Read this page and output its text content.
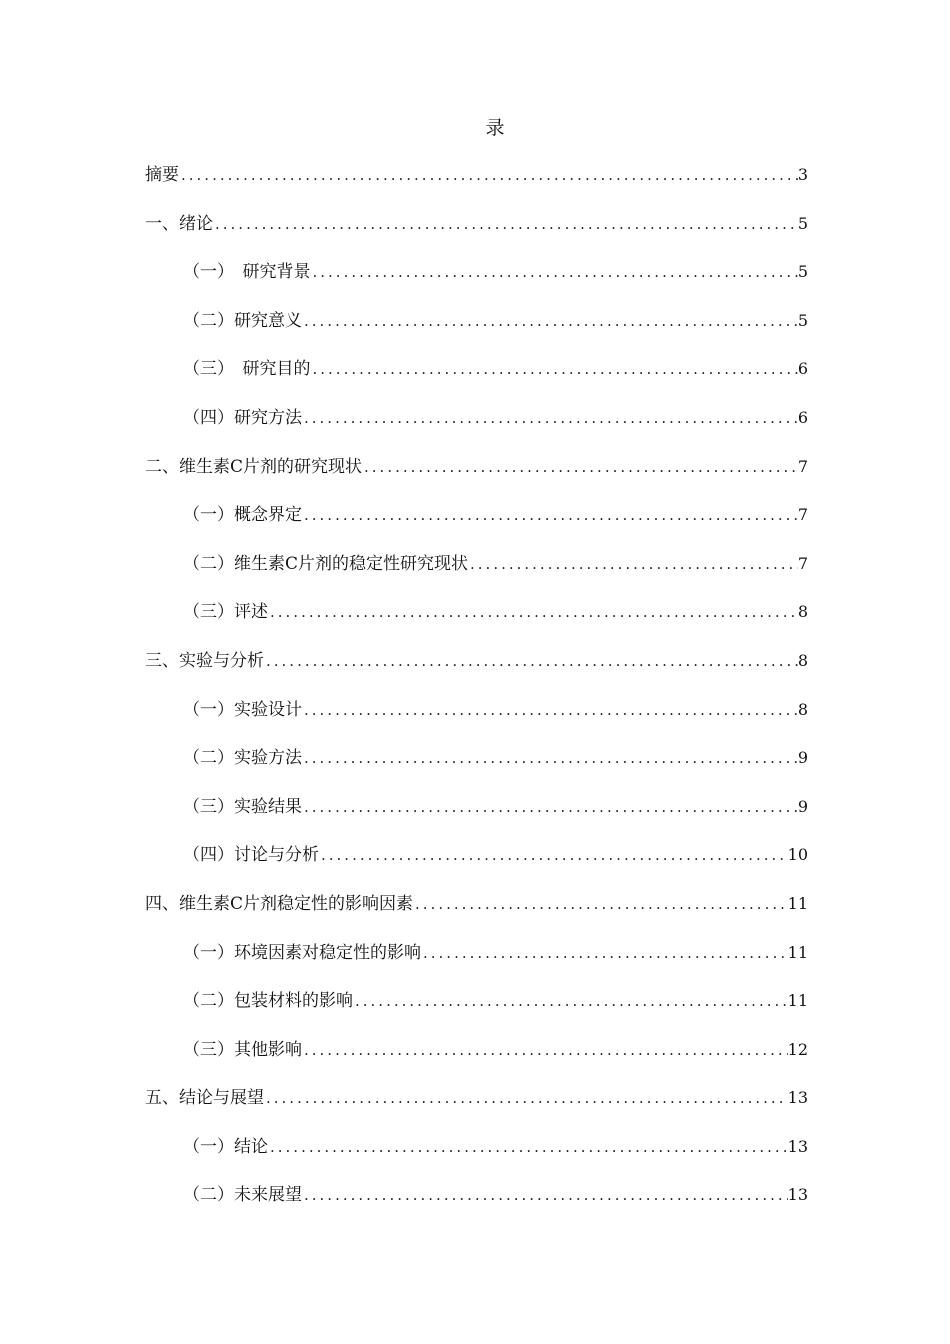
录
摘要 .....	3
一、绪论 .....	5
（一）　研究背景 .....	5
（二）研究意义 .....	5
（三）　研究目的 .....	6
（四）研究方法 .....	6
二、维生素C片剂的研究现状 .....	7
（一）概念界定 .....	7
（二）维生素C片剂的稳定性研究现状 .....	7
（三）评述 .....	8
三、实验与分析 .....	8
（一）实验设计 .....	8
（二）实验方法 .....	9
（三）实验结果 .....	9
（四）讨论与分析 .....	10
四、维生素C片剂稳定性的影响因素 .....	11
（一）环境因素对稳定性的影响 .....	11
（二）包装材料的影响 .....	11
（三）其他影响 .....	12
五、结论与展望 .....	13
（一）结论 .....	13
（二）未来展望 .....	13
